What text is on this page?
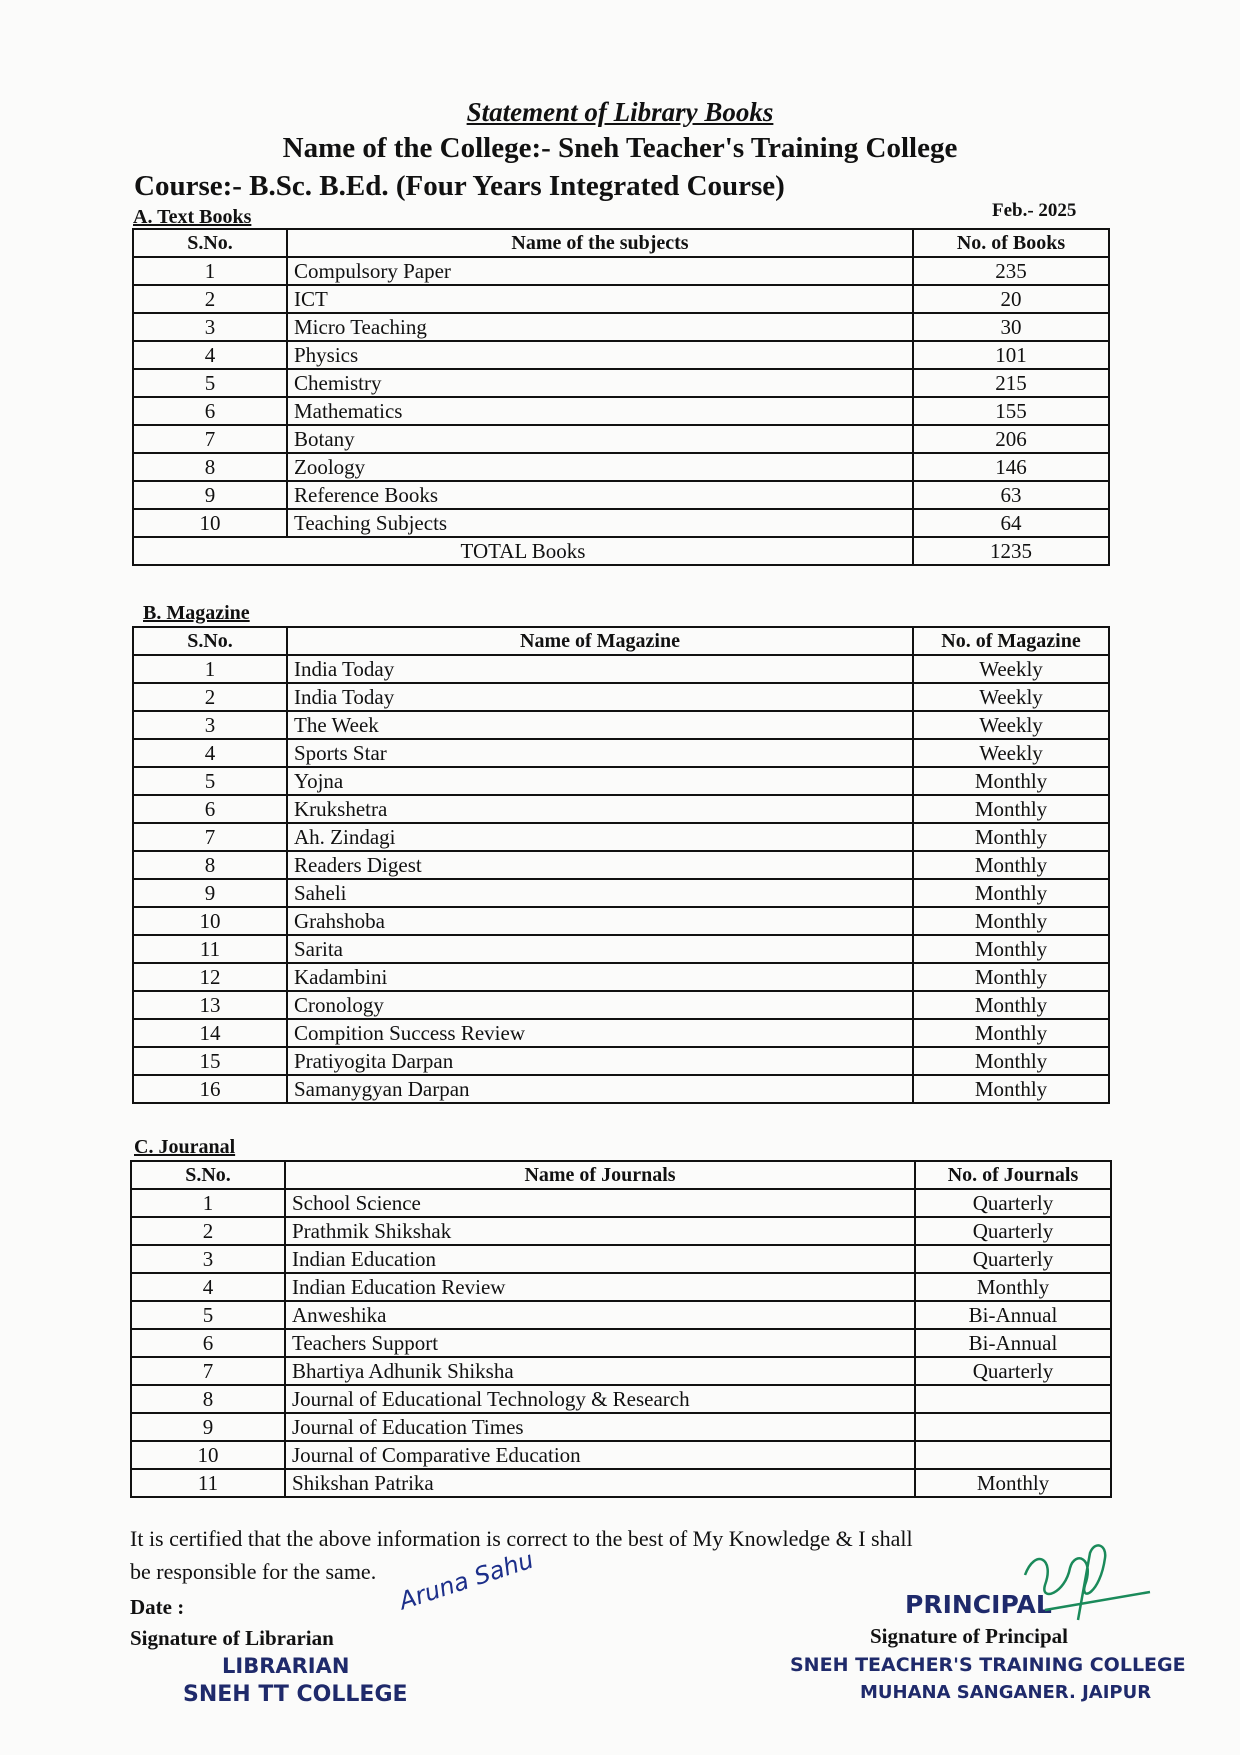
Statement of Library Books
Name of the College:- Sneh Teacher's Training College
Course:- B.Sc. B.Ed. (Four Years Integrated Course)
Feb.- 2025
A. Text Books
S.No.	Name of the subjects	No. of Books
1	Compulsory Paper	235
2	ICT	20
3	Micro Teaching	30
4	Physics	101
5	Chemistry	215
6	Mathematics	155
7	Botany	206
8	Zoology	146
9	Reference Books	63
10	Teaching Subjects	64
TOTAL Books		1235
B. Magazine
S.No.	Name of Magazine	No. of Magazine
1	India Today	Weekly
2	India Today	Weekly
3	The Week	Weekly
4	Sports Star	Weekly
5	Yojna	Monthly
6	Krukshetra	Monthly
7	Ah. Zindagi	Monthly
8	Readers Digest	Monthly
9	Saheli	Monthly
10	Grahshoba	Monthly
11	Sarita	Monthly
12	Kadambini	Monthly
13	Cronology	Monthly
14	Compition Success Review	Monthly
15	Pratiyogita Darpan	Monthly
16	Samanygyan Darpan	Monthly
C. Jouranal
S.No.	Name of Journals	No. of Journals
1	School Science	Quarterly
2	Prathmik Shikshak	Quarterly
3	Indian Education	Quarterly
4	Indian Education Review	Monthly
5	Anweshika	Bi-Annual
6	Teachers Support	Bi-Annual
7	Bhartiya Adhunik Shiksha	Quarterly
8	Journal of Educational Technology & Research	
9	Journal of Education Times	
10	Journal of Comparative Education	
11	Shikshan Patrika	Monthly
It is certified that the above information is correct to the best of My Knowledge & I shall
be responsible for the same.
Date :
Signature of Librarian
Aruna Sahu
LIBRARIAN
SNEH TT COLLEGE
PRINCIPAL
Signature of Principal
SNEH TEACHER'S TRAINING COLLEGE
MUHANA SANGANER. JAIPUR
